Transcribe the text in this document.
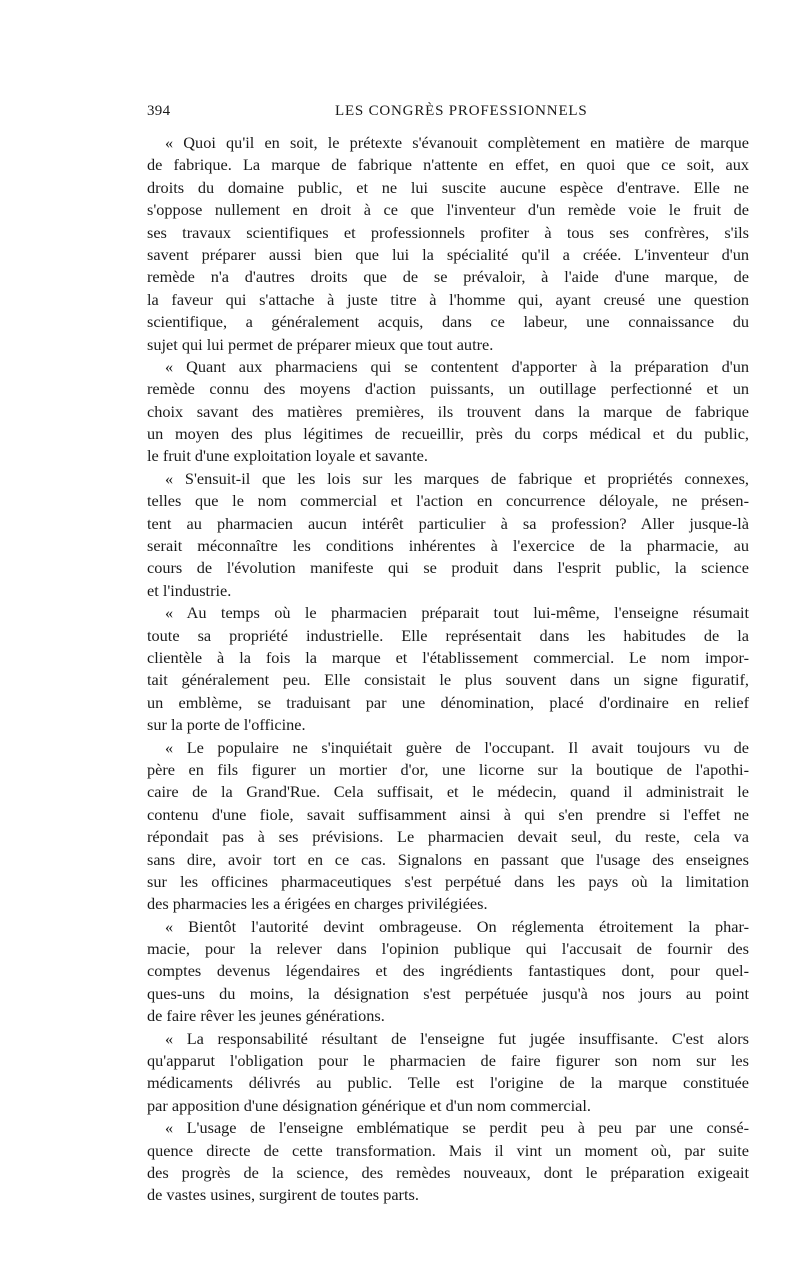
394	LES CONGRÈS PROFESSIONNELS
« Quoi qu'il en soit, le prétexte s'évanouit complètement en matière de marque
de fabrique. La marque de fabrique n'attente en effet, en quoi que ce soit, aux
droits du domaine public, et ne lui suscite aucune espèce d'entrave. Elle ne
s'oppose nullement en droit à ce que l'inventeur d'un remède voie le fruit de
ses travaux scientifiques et professionnels profiter à tous ses confrères, s'ils
savent préparer aussi bien que lui la spécialité qu'il a créée. L'inventeur d'un
remède n'a d'autres droits que de se prévaloir, à l'aide d'une marque, de
la faveur qui s'attache à juste titre à l'homme qui, ayant creusé une question
scientifique, a généralement acquis, dans ce labeur, une connaissance du
sujet qui lui permet de préparer mieux que tout autre.
« Quant aux pharmaciens qui se contentent d'apporter à la préparation d'un
remède connu des moyens d'action puissants, un outillage perfectionné et un
choix savant des matières premières, ils trouvent dans la marque de fabrique
un moyen des plus légitimes de recueillir, près du corps médical et du public,
le fruit d'une exploitation loyale et savante.
« S'ensuit-il que les lois sur les marques de fabrique et propriétés connexes,
telles que le nom commercial et l'action en concurrence déloyale, ne présen-
tent au pharmacien aucun intérêt particulier à sa profession? Aller jusque-là
serait méconnaître les conditions inhérentes à l'exercice de la pharmacie, au
cours de l'évolution manifeste qui se produit dans l'esprit public, la science
et l'industrie.
« Au temps où le pharmacien préparait tout lui-même, l'enseigne résumait
toute sa propriété industrielle. Elle représentait dans les habitudes de la
clientèle à la fois la marque et l'établissement commercial. Le nom impor-
tait généralement peu. Elle consistait le plus souvent dans un signe figuratif,
un emblème, se traduisant par une dénomination, placé d'ordinaire en relief
sur la porte de l'officine.
« Le populaire ne s'inquiétait guère de l'occupant. Il avait toujours vu de
père en fils figurer un mortier d'or, une licorne sur la boutique de l'apothi-
caire de la Grand'Rue. Cela suffisait, et le médecin, quand il administrait le
contenu d'une fiole, savait suffisamment ainsi à qui s'en prendre si l'effet ne
répondait pas à ses prévisions. Le pharmacien devait seul, du reste, cela va
sans dire, avoir tort en ce cas. Signalons en passant que l'usage des enseignes
sur les officines pharmaceutiques s'est perpétué dans les pays où la limitation
des pharmacies les a érigées en charges privilégiées.
« Bientôt l'autorité devint ombrageuse. On réglementa étroitement la phar-
macie, pour la relever dans l'opinion publique qui l'accusait de fournir des
comptes devenus légendaires et des ingrédients fantastiques dont, pour quel-
ques-uns du moins, la désignation s'est perpétuée jusqu'à nos jours au point
de faire rêver les jeunes générations.
« La responsabilité résultant de l'enseigne fut jugée insuffisante. C'est alors
qu'apparut l'obligation pour le pharmacien de faire figurer son nom sur les
médicaments délivrés au public. Telle est l'origine de la marque constituée
par apposition d'une désignation générique et d'un nom commercial.
« L'usage de l'enseigne emblématique se perdit peu à peu par une consé-
quence directe de cette transformation. Mais il vint un moment où, par suite
des progrès de la science, des remèdes nouveaux, dont le préparation exigeait
de vastes usines, surgirent de toutes parts.
